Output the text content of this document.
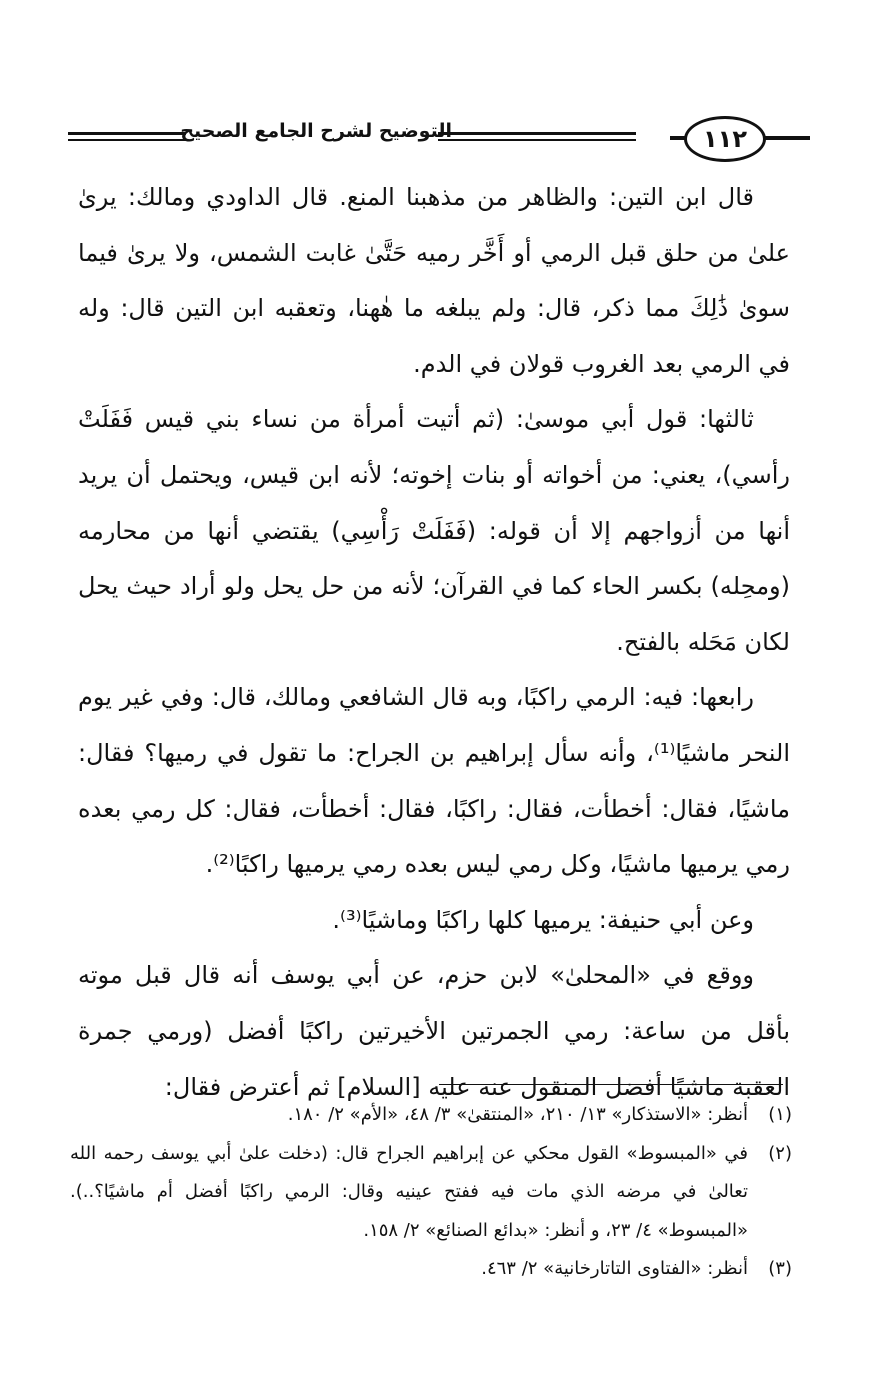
١١٢
التوضيح لشرح الجامع الصحيح

قال ابن التين: والظاهر من مذهبنا المنع. قال الداودي ومالك: يرىٰ علىٰ من حلق قبل الرمي أو أَخَّر رميه حَتَّىٰ غابت الشمس، ولا يرىٰ فيما سوىٰ ذَٰلِكَ مما ذكر، قال: ولم يبلغه ما هٰهنا، وتعقبه ابن التين قال: وله في الرمي بعد الغروب قولان في الدم.

ثالثها: قول أبي موسىٰ: (ثم أتيت أمرأة من نساء بني قيس فَفَلَتْ رأسي)، يعني: من أخواته أو بنات إخوته؛ لأنه ابن قيس، ويحتمل أن يريد أنها من أزواجهم إلا أن قوله: (فَفَلَتْ رَأْسِي) يقتضي أنها من محارمه (ومحِله) بكسر الحاء كما في القرآن؛ لأنه من حل يحل ولو أراد حيث يحل لكان مَحَله بالفتح.

رابعها: فيه: الرمي راكبًا، وبه قال الشافعي ومالك، قال: وفي غير يوم النحر ماشيًا⁽¹⁾، وأنه سأل إبراهيم بن الجراح: ما تقول في رميها؟ فقال: ماشيًا، فقال: أخطأت، فقال: راكبًا، فقال: أخطأت، فقال: كل رمي بعده رمي يرميها ماشيًا، وكل رمي ليس بعده رمي يرميها راكبًا⁽²⁾.

وعن أبي حنيفة: يرميها كلها راكبًا وماشيًا⁽³⁾.

ووقع في «المحلىٰ» لابن حزم، عن أبي يوسف أنه قال قبل موته بأقل من ساعة: رمي الجمرتين الأخيرتين راكبًا أفضل (ورمي جمرة العقبة ماشيًا أفضل المنقول عنه عليه [السلام] ثم أعترض فقال:

(١)
أنظر: «الاستذكار» ١٣/ ٢١٠، «المنتقىٰ» ٣/ ٤٨، «الأم» ٢/ ١٨٠.
(٢)
في «المبسوط» القول محكي عن إبراهيم الجراح قال: (دخلت علىٰ أبي يوسف رحمه الله تعالىٰ في مرضه الذي مات فيه ففتح عينيه وقال: الرمي راكبًا أفضل أم ماشيًا؟..). «المبسوط» ٤/ ٢٣، و أنظر: «بدائع الصنائع» ٢/ ١٥٨.
(٣)
أنظر: «الفتاوى التاتارخانية» ٢/ ٤٦٣.
